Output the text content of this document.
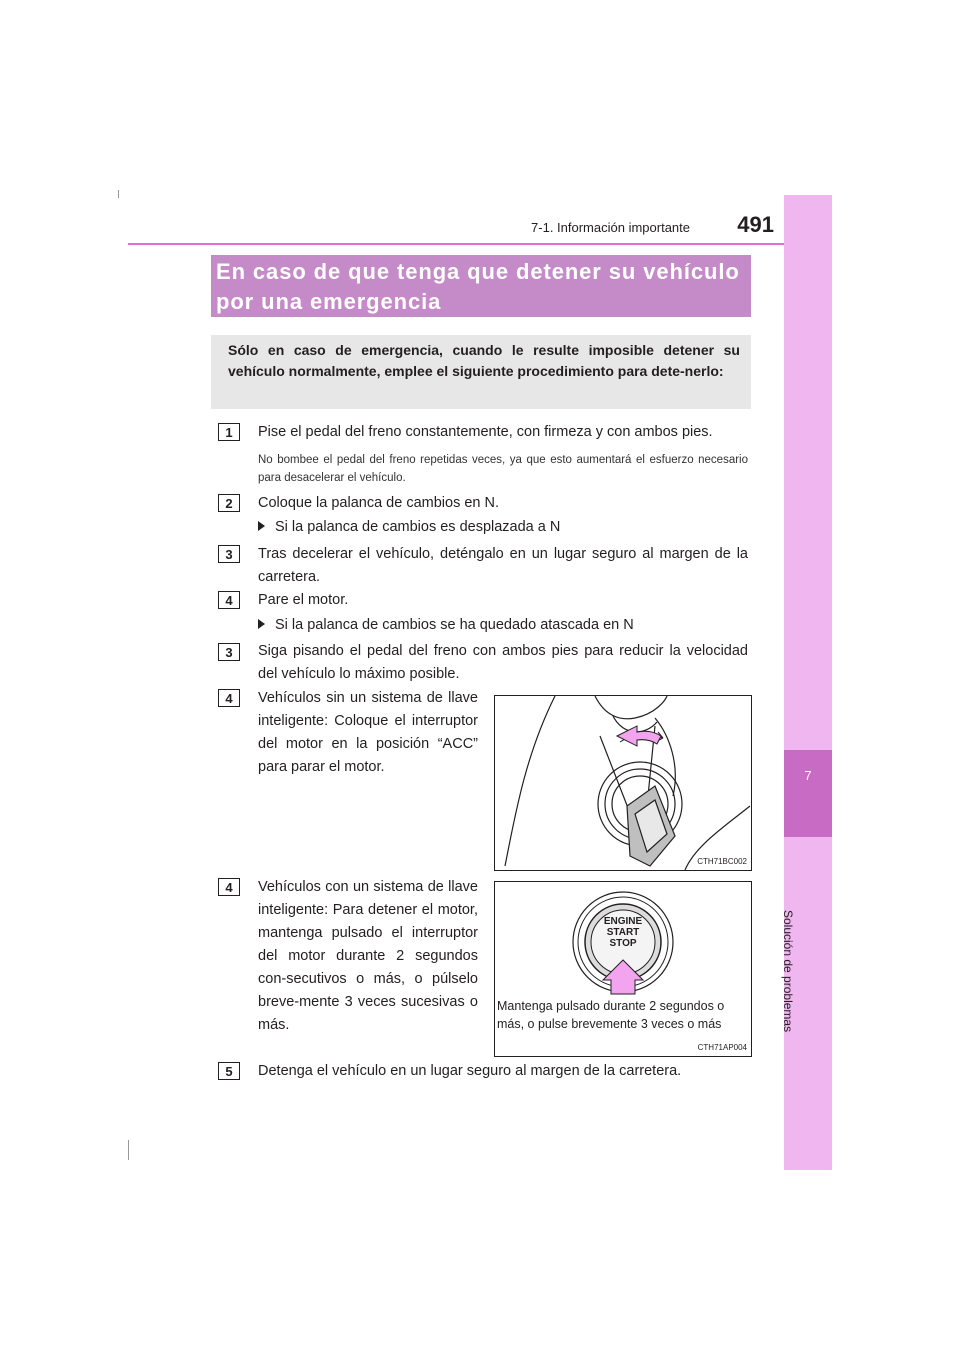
7-1. Información importante	491
7
Solución de problemas
En caso de que tenga que detener su vehículo
por una emergencia
Sólo en caso de emergencia, cuando le resulte imposible detener su vehículo normalmente, emplee el siguiente procedimiento para dete-nerlo:
1	Pise el pedal del freno constantemente, con firmeza y con ambos pies.
No bombee el pedal del freno repetidas veces, ya que esto aumentará el esfuerzo necesario para desacelerar el vehículo.
2	Coloque la palanca de cambios en N.
Si la palanca de cambios es desplazada a N
3	Tras decelerar el vehículo, deténgalo en un lugar seguro al margen de la carretera.
4	Pare el motor.
Si la palanca de cambios se ha quedado atascada en N
3	Siga pisando el pedal del freno con ambos pies para reducir la velocidad del vehículo lo máximo posible.
4	Vehículos sin un sistema de llave inteligente: Coloque el interruptor del motor en la posición “ACC” para parar el motor.
CTH71BC002
4	Vehículos con un sistema de llave inteligente: Para detener el motor, mantenga pulsado el interruptor del motor durante 2 segundos con-secutivos o más, o púlselo breve-mente 3 veces sucesivas o más.
ENGINE
START
STOP
CTH71AP004
Mantenga pulsado durante 2 segundos o más, o pulse brevemente 3 veces o más
5	Detenga el vehículo en un lugar seguro al margen de la carretera.
